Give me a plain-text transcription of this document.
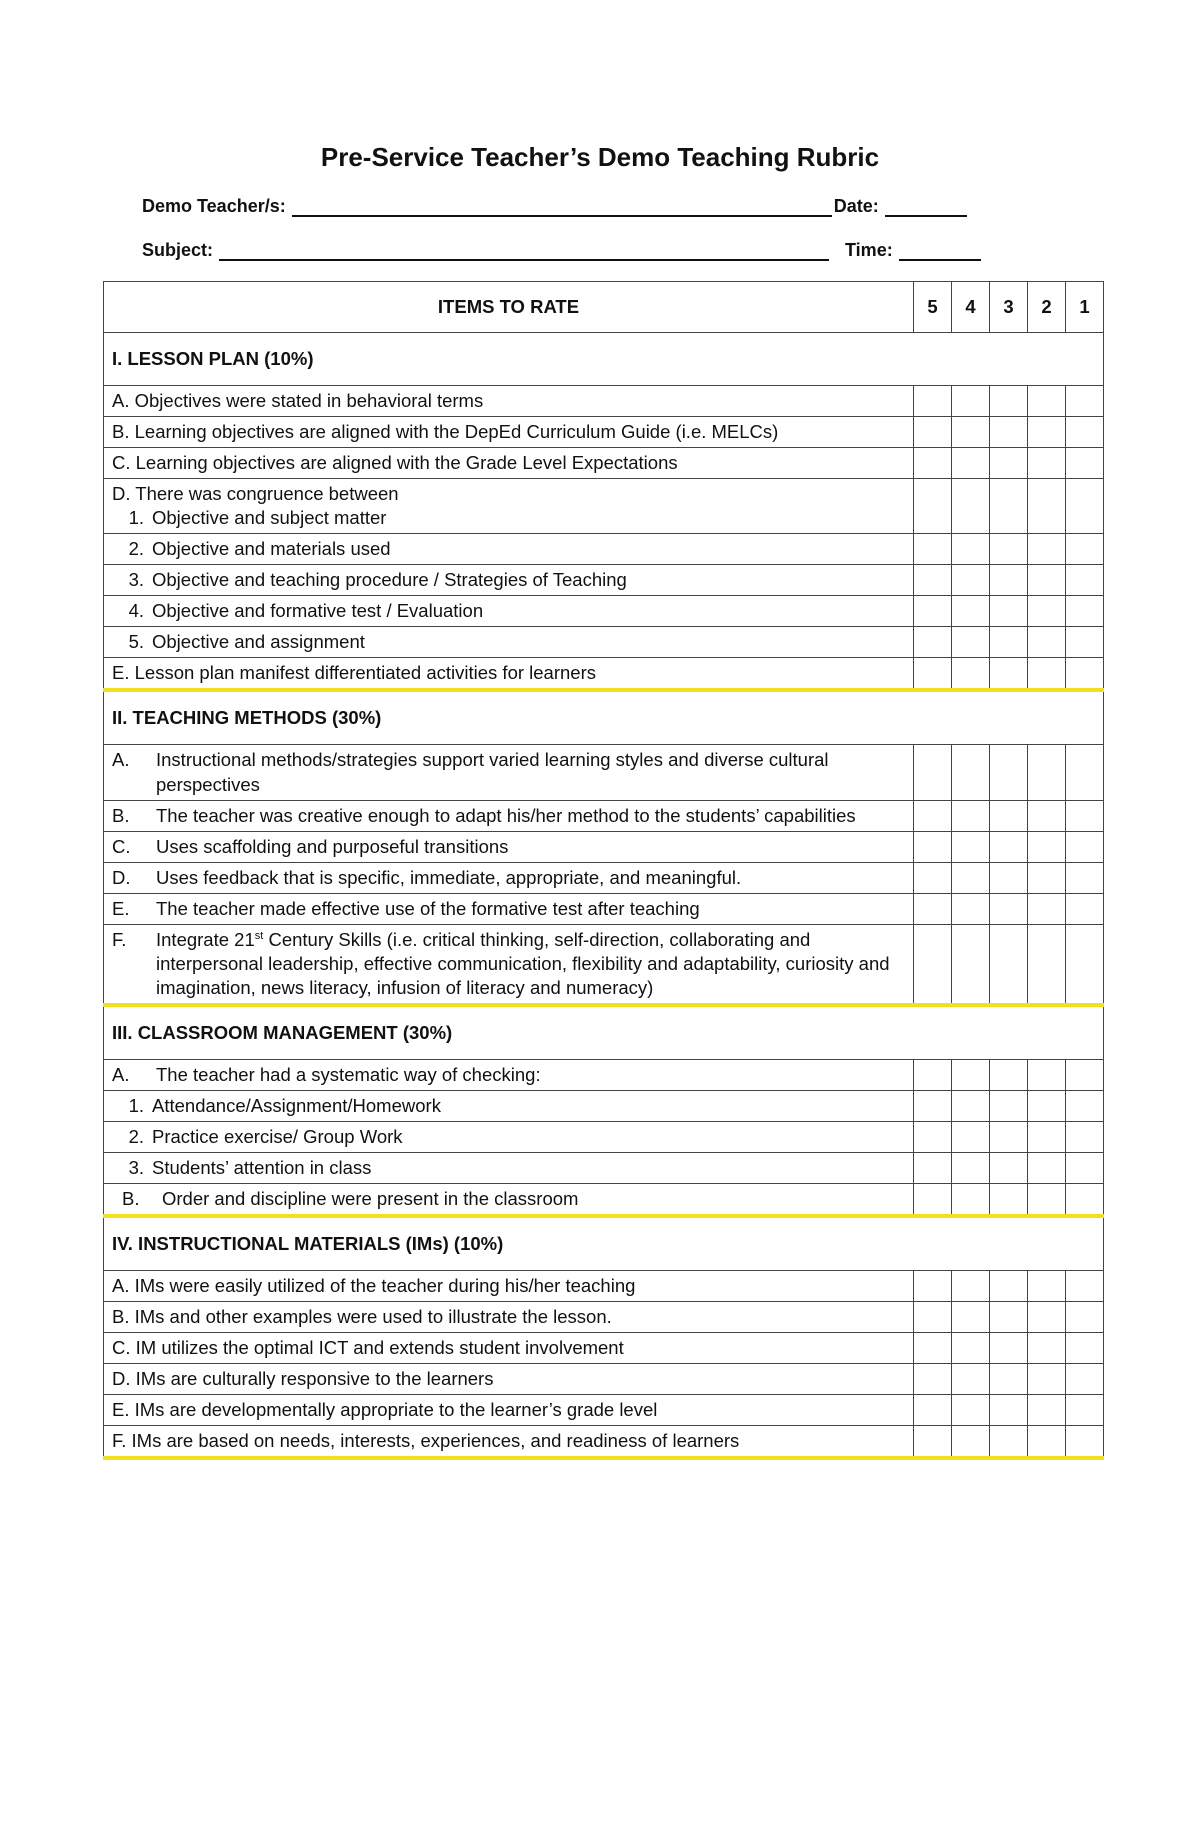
Pre-Service Teacher’s Demo Teaching Rubric
Demo Teacher/s:	Date:
Subject:	Time:
ITEMS TO RATE	5	4	3	2	1
I. LESSON PLAN (10%)					
A. Objectives were stated in behavioral terms					
B. Learning objectives are aligned with the DepEd Curriculum Guide (i.e. MELCs)					
C. Learning objectives are aligned with the Grade Level Expectations					

D. There was congruence between
1. Objective and subject matter					

2. Objective and materials used					

3. Objective and teaching procedure / Strategies of Teaching					

4. Objective and formative test / Evaluation					

5. Objective and assignment					

E. Lesson plan manifest differentiated activities for learners					
II. TEACHING METHODS (30%)					

A. Instructional methods/strategies support varied learning styles and diverse cultural perspectives					

B. The teacher was creative enough to adapt his/her method to the students’ capabilities					

C. Uses scaffolding and purposeful transitions					

D. Uses feedback that is specific, immediate, appropriate, and meaningful.					

E. The teacher made effective use of the formative test after teaching					

F. Integrate 21st Century Skills (i.e. critical thinking, self-direction, collaborating and interpersonal leadership, effective communication, flexibility and adaptability, curiosity and imagination, news literacy, infusion of literacy and numeracy)					

III. CLASSROOM MANAGEMENT (30%)					

A. The teacher had a systematic way of checking:					

1. Attendance/Assignment/Homework					

2. Practice exercise/ Group Work					

3. Students’ attention in class					

B. Order and discipline were present in the classroom					

IV. INSTRUCTIONAL MATERIALS (IMs) (10%)					
A. IMs were easily utilized of the teacher during his/her teaching					
B. IMs and other examples were used to illustrate the lesson.					
C. IM utilizes the optimal ICT and extends student involvement					
D. IMs are culturally responsive to the learners					
E. IMs are developmentally appropriate to the learner’s grade level					
F. IMs are based on needs, interests, experiences, and readiness of learners					
